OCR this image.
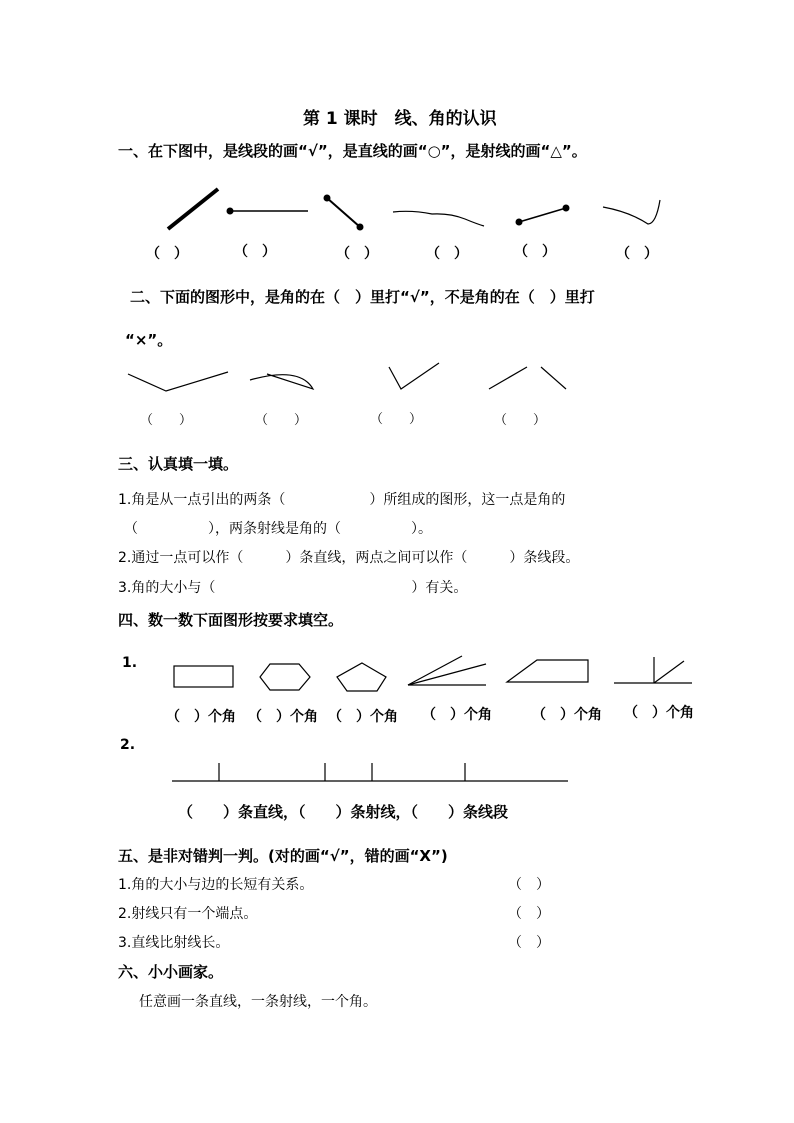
第 1 课时　线、角的认识
一、在下图中，是线段的画“√”，是直线的画“○”，是射线的画“△”。
（　）	（　）	（　）	（　）	（　）	（　）
二、下面的图形中，是角的在（　）里打“√”，不是角的在（　）里打
“×”。
（　　）	（　　）	（　　）	（　　）
三、认真填一填。
1.角是从一点引出的两条（　　　　　　）所组成的图形，这一点是角的
（　　　　　），两条射线是角的（　　　　　）。
2.通过一点可以作（　　　）条直线，两点之间可以作（　　　）条线段。
3.角的大小与（　　　　　　　　　　　　　　）有关。
四、数一数下面图形按要求填空。
1.
（　）个角 （　）个角 （　）个角 （　）个角	（　）个角 （　）个角
2.
（　　）条直线，（　　）条射线，（　　）条线段
五、是非对错判一判。(对的画“√”，错的画“X”)
1.角的大小与边的长短有关系。	（　）
2.射线只有一个端点。	（　）
3.直线比射线长。	（　）
六、小小画家。
任意画一条直线，一条射线，一个角。
